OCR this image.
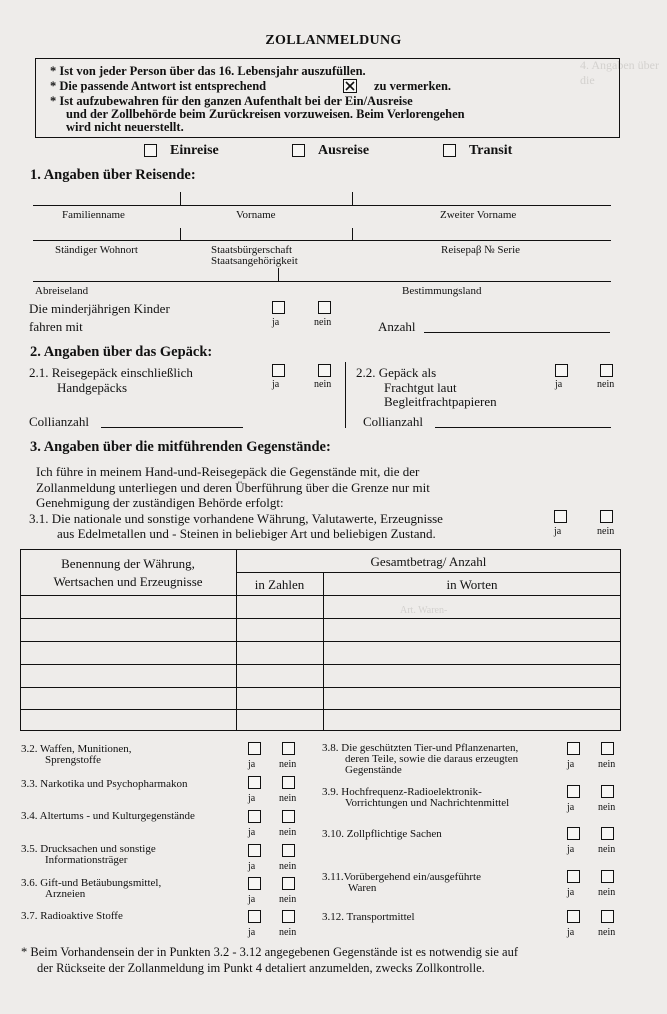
4. Angaben über die
Art. Waren-
ZOLLANMELDUNG
* Ist von jeder Person über das 16. Lebensjahr auszufüllen.
* Die passende Antwort ist entsprechend	zu vermerken.
* Ist aufzubewahren für den ganzen Aufenthalt bei der Ein/Ausreise
und der Zollbehörde beim Zurückreisen vorzuweisen. Beim Verlorengehen
wird nicht neuerstellt.
Einreise	Ausreise	Transit
1. Angaben über Reisende:
Familienname	Vorname	Zweiter Vorname
Ständiger Wohnort	Staatsbürgerschaft
Staatsangehörigkeit
Reisepaβ № Serie
Abreiseland	Bestimmungsland
Die minderjährigen Kinder
fahren mit	ja	nein	Anzahl
2. Angaben über das Gepäck:
2.1. Reisegepäck einschließlich
Handgepäcks	ja	nein
2.2. Gepäck als
Frachtgut laut
Begleitfrachtpapieren
ja	nein
Collianzahl	Collianzahl
3. Angaben über die mitführenden Gegenstände:
Ich führe in meinem Hand-und-Reisegepäck die Gegenstände mit, die der
Zollanmeldung unterliegen und deren Überführung über die Grenze nur mit
Genehmigung der zuständigen Behörde erfolgt:
3.1. Die nationale und sonstige vorhandene Währung, Valutawerte, Erzeugnisse
aus Edelmetallen und - Steinen in beliebiger Art und beliebigen Zustand.	ja	nein
Benennung der Währung,
Wertsachen und Erzeugnisse
Gesamtbetrag/ Anzahl
in Zahlen	in Worten
3.2. Waffen, Munitionen,
Sprengstoffe	ja nein
3.3. Narkotika und Psychopharmakon
ja nein
3.4. Altertums - und Kulturgegenstände
ja nein
3.5. Drucksachen und sonstige
Informationsträger
ja nein
3.6. Gift-und Betäubungsmittel,
Arzneien	ja nein
3.7. Radioaktive Stoffe
ja nein
3.8. Die geschützten Tier-und Pflanzenarten,
deren Teile, sowie die daraus erzeugten
Gegenstände	ja nein
3.9. Hochfrequenz-Radioelektronik-
Vorrichtungen und Nachrichtenmittel	ja nein
3.10. Zollpflichtige Sachen
ja nein
3.11.Vorübergehend ein/ausgeführte
Waren	ja nein
3.12. Transportmittel
ja nein
* Beim Vorhandensein der in Punkten 3.2 - 3.12 angegebenen Gegenstände ist es notwendig sie auf
der Rückseite der Zollanmeldung im Punkt 4 detaliert anzumelden, zwecks Zollkontrolle.
